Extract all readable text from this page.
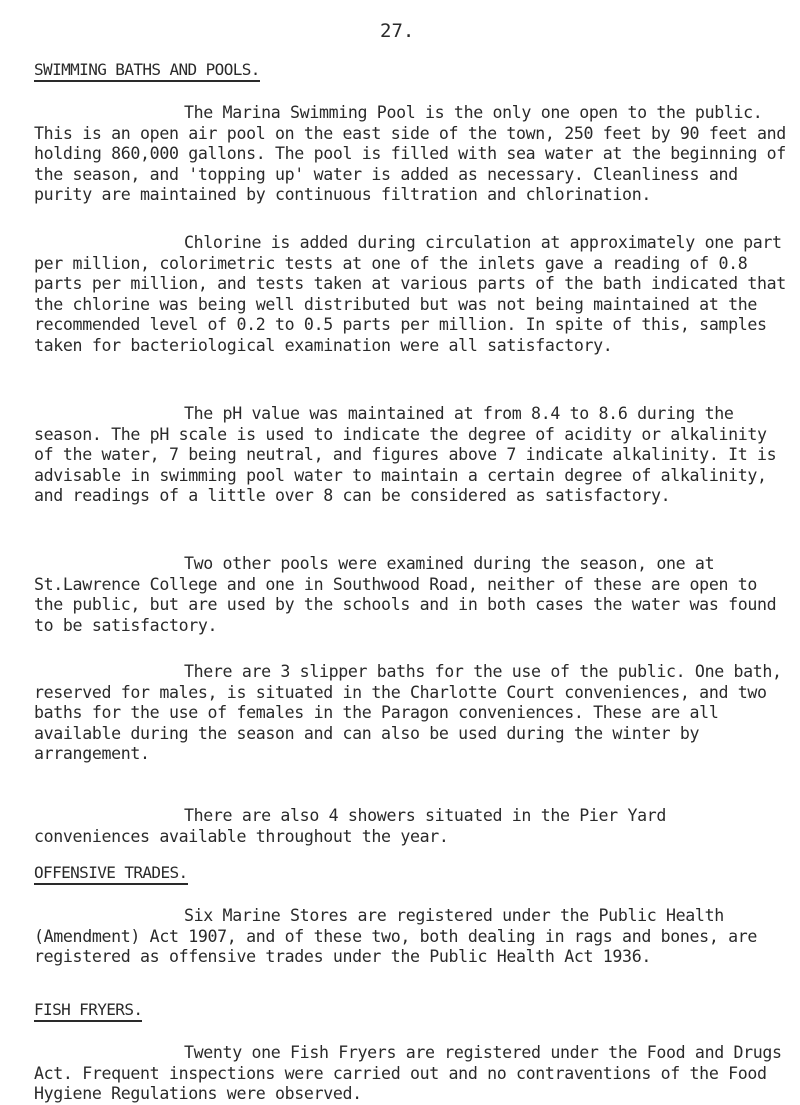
27.
SWIMMING BATHS AND POOLS.

The Marina Swimming Pool is the only one open to the public. This is an open air pool on the east side of the town, 250 feet by 90 feet and holding 860,000 gallons. The pool is filled with sea water at the beginning of the season, and 'topping up' water is added as necessary. Cleanliness and purity are maintained by continuous filtration and chlorination.

Chlorine is added during circulation at approximately one part per million, colorimetric tests at one of the inlets gave a reading of 0.8 parts per million, and tests taken at various parts of the bath indicated that the chlorine was being well distributed but was not being maintained at the recommended level of 0.2 to 0.5 parts per million. In spite of this, samples taken for bacteriological examination were all satisfactory.

The pH value was maintained at from 8.4 to 8.6 during the season. The pH scale is used to indicate the degree of acidity or alkalinity of the water, 7 being neutral, and figures above 7 indicate alkalinity. It is advisable in swimming pool water to maintain a certain degree of alkalinity, and readings of a little over 8 can be considered as satisfactory.

Two other pools were examined during the season, one at St.Lawrence College and one in Southwood Road, neither of these are open to the public, but are used by the schools and in both cases the water was found to be satisfactory.

There are 3 slipper baths for the use of the public. One bath, reserved for males, is situated in the Charlotte Court conveniences, and two baths for the use of females in the Paragon conveniences. These are all available during the season and can also be used during the winter by arrangement.

There are also 4 showers situated in the Pier Yard conveniences available throughout the year.

OFFENSIVE TRADES.

Six Marine Stores are registered under the Public Health (Amendment) Act 1907, and of these two, both dealing in rags and bones, are registered as offensive trades under the Public Health Act 1936.

FISH FRYERS.

Twenty one Fish Fryers are registered under the Food and Drugs Act. Frequent inspections were carried out and no contraventions of the Food Hygiene Regulations were observed.
